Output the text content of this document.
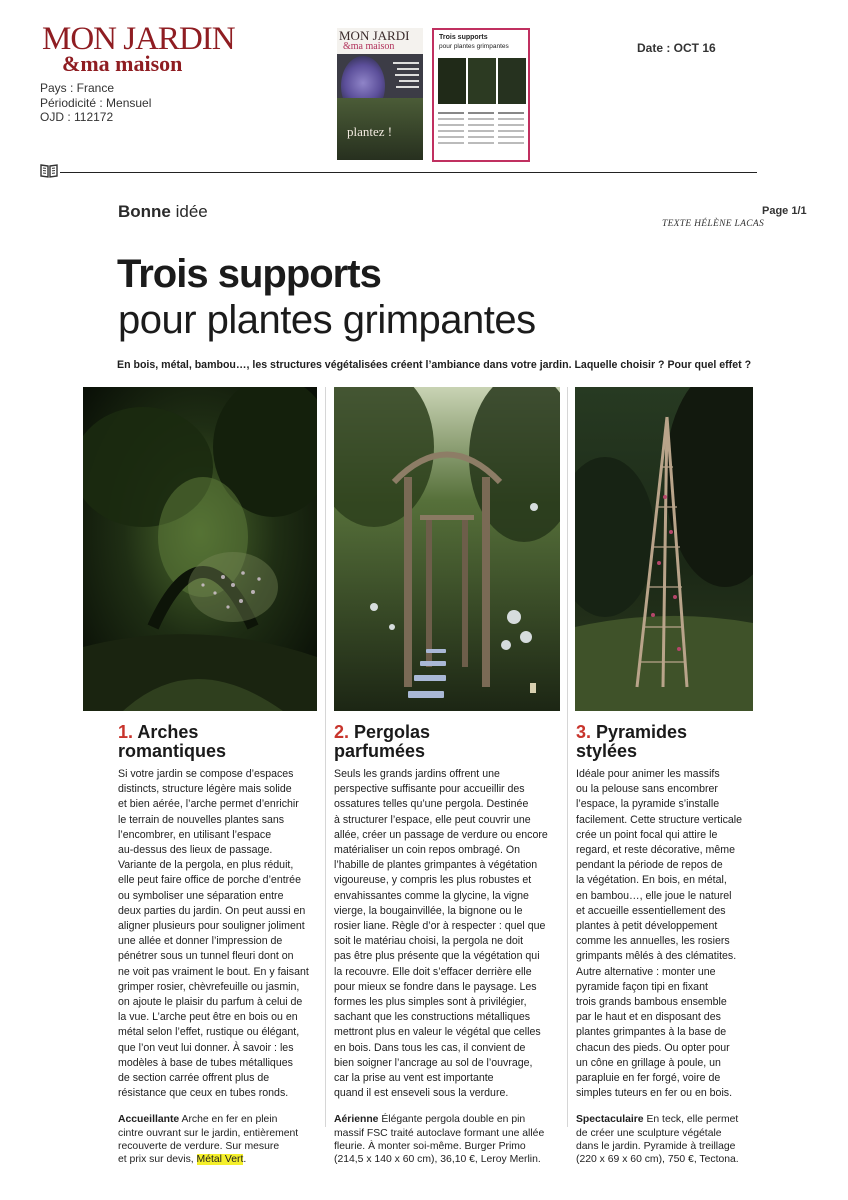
MON JARDIN
&ma maison
Pays : France
Périodicité : Mensuel
OJD : 112172
MON JARDI
&ma maison
plantez !
Trois supports
pour plantes grimpantes	Date : OCT 16
Page 1/1
Bonne idée
TEXTE HÉLÈNE LACAS
Trois supports
pour plantes grimpantes
En bois, métal, bambou…, les structures végétalisées créent l’ambiance dans votre jardin. Laquelle choisir ? Pour quel effet ?
1. Arches
romantiques
Si votre jardin se compose d’espaces
distincts, structure légère mais solide
et bien aérée, l’arche permet d’enrichir
le terrain de nouvelles plantes sans
l’encombrer, en utilisant l’espace
au-dessus des lieux de passage.
Variante de la pergola, en plus réduit,
elle peut faire office de porche d’entrée
ou symboliser une séparation entre
deux parties du jardin. On peut aussi en
aligner plusieurs pour souligner joliment
une allée et donner l’impression de
pénétrer sous un tunnel fleuri dont on
ne voit pas vraiment le bout. En y faisant
grimper rosier, chèvrefeuille ou jasmin,
on ajoute le plaisir du parfum à celui de
la vue. L’arche peut être en bois ou en
métal selon l’effet, rustique ou élégant,
que l’on veut lui donner. À savoir : les
modèles à base de tubes métalliques
de section carrée offrent plus de
résistance que ceux en tubes ronds.
Accueillante Arche en fer en plein
cintre ouvrant sur le jardin, entièrement
recouverte de verdure. Sur mesure
et prix sur devis, Métal Vert.
2. Pergolas
parfumées
Seuls les grands jardins offrent une
perspective suffisante pour accueillir des
ossatures telles qu’une pergola. Destinée
à structurer l’espace, elle peut couvrir une
allée, créer un passage de verdure ou encore
matérialiser un coin repos ombragé. On
l’habille de plantes grimpantes à végétation
vigoureuse, y compris les plus robustes et
envahissantes comme la glycine, la vigne
vierge, la bougainvillée, la bignone ou le
rosier liane. Règle d’or à respecter : quel que
soit le matériau choisi, la pergola ne doit
pas être plus présente que la végétation qui
la recouvre. Elle doit s’effacer derrière elle
pour mieux se fondre dans le paysage. Les
formes les plus simples sont à privilégier,
sachant que les constructions métalliques
mettront plus en valeur le végétal que celles
en bois. Dans tous les cas, il convient de
bien soigner l’ancrage au sol de l’ouvrage,
car la prise au vent est importante
quand il est enseveli sous la verdure.
Aérienne Élégante pergola double en pin
massif FSC traité autoclave formant une allée
fleurie. À monter soi-même. Burger Primo
(214,5 x 140 x 60 cm), 36,10 €, Leroy Merlin.
3. Pyramides
stylées
Idéale pour animer les massifs
ou la pelouse sans encombrer
l’espace, la pyramide s’installe
facilement. Cette structure verticale
crée un point focal qui attire le
regard, et reste décorative, même
pendant la période de repos de
la végétation. En bois, en métal,
en bambou…, elle joue le naturel
et accueille essentiellement des
plantes à petit développement
comme les annuelles, les rosiers
grimpants mêlés à des clématites.
Autre alternative : monter une
pyramide façon tipi en fixant
trois grands bambous ensemble
par le haut et en disposant des
plantes grimpantes à la base de
chacun des pieds. Ou opter pour
un cône en grillage à poule, un
parapluie en fer forgé, voire de
simples tuteurs en fer ou en bois.
Spectaculaire En teck, elle permet
de créer une sculpture végétale
dans le jardin. Pyramide à treillage
(220 x 69 x 60 cm), 750 €, Tectona.
